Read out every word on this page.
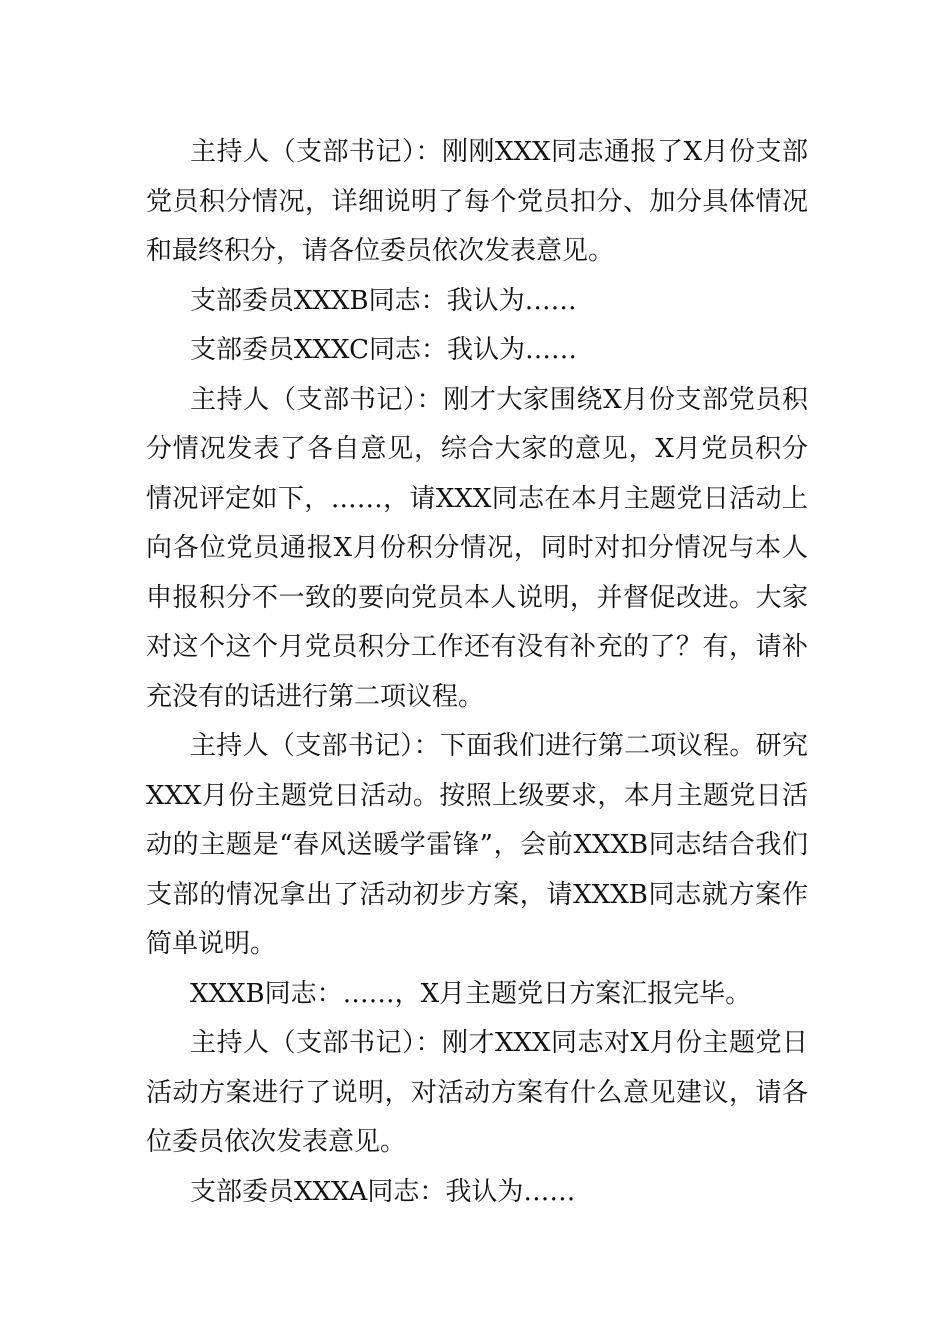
主持人（支部书记）：刚刚XXX同志通报了X月份支部党员积分情况，详细说明了每个党员扣分、加分具体情况和最终积分，请各位委员依次发表意见。

支部委员XXXB同志：我认为……

支部委员XXXC同志：我认为……

主持人（支部书记）：刚才大家围绕X月份支部党员积分情况发表了各自意见，综合大家的意见，X月党员积分情况评定如下，……，请XXX同志在本月主题党日活动上向各位党员通报X月份积分情况，同时对扣分情况与本人申报积分不一致的要向党员本人说明，并督促改进。大家对这个这个月党员积分工作还有没有补充的了？有，请补充没有的话进行第二项议程。

主持人（支部书记）：下面我们进行第二项议程。研究XXX月份主题党日活动。按照上级要求，本月主题党日活动的主题是“春风送暖学雷锋”，会前XXXB同志结合我们支部的情况拿出了活动初步方案，请XXXB同志就方案作简单说明。

XXXB同志：……，X月主题党日方案汇报完毕。

主持人（支部书记）：刚才XXX同志对X月份主题党日活动方案进行了说明，对活动方案有什么意见建议，请各位委员依次发表意见。

支部委员XXXA同志：我认为……
